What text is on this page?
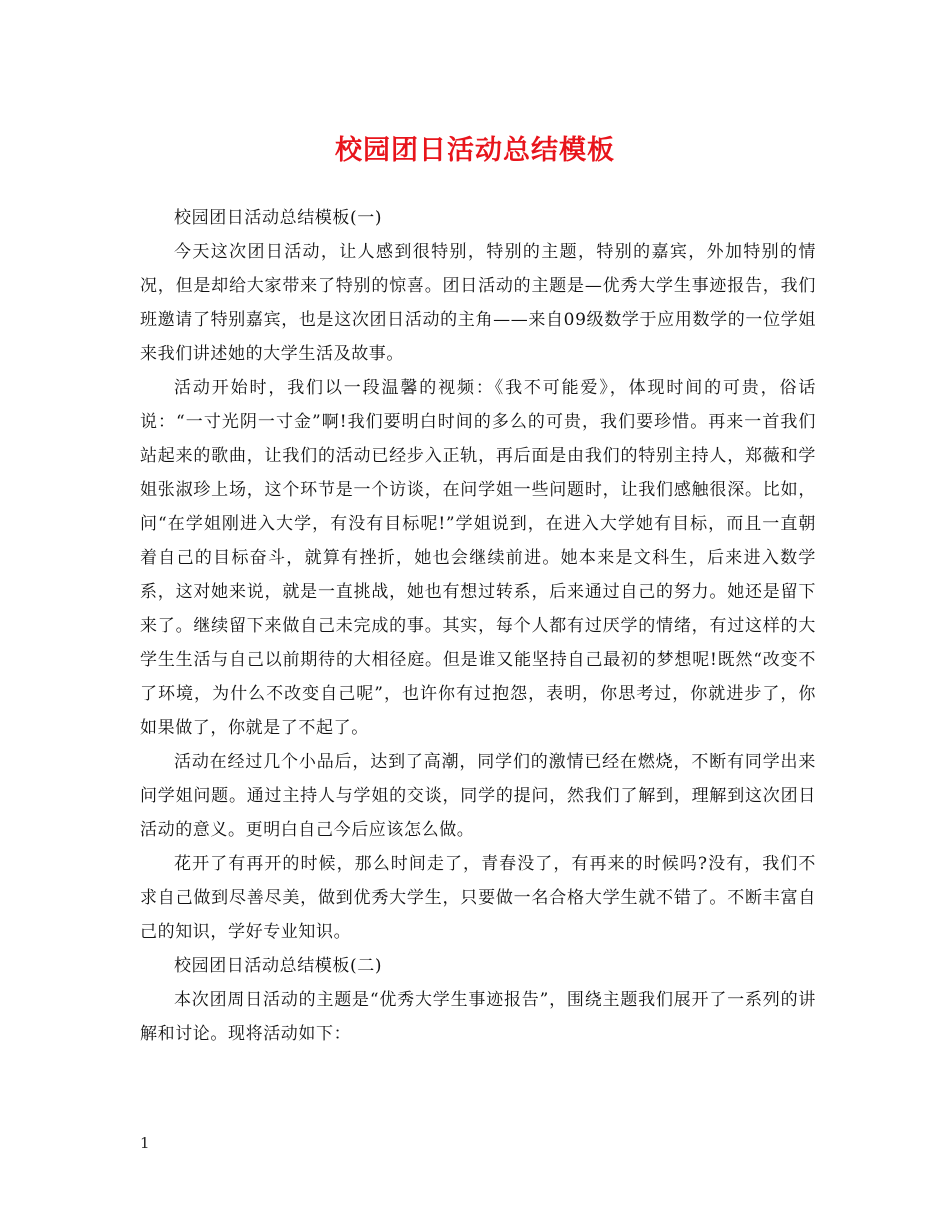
校园团日活动总结模板

校园团日活动总结模板(一)

今天这次团日活动，让人感到很特别，特别的主题，特别的嘉宾，外加特别的情况，但是却给大家带来了特别的惊喜。团日活动的主题是—优秀大学生事迹报告，我们班邀请了特别嘉宾，也是这次团日活动的主角——来自09级数学于应用数学的一位学姐来我们讲述她的大学生活及故事。

活动开始时，我们以一段温馨的视频：《我不可能爱》，体现时间的可贵，俗话说：“一寸光阴一寸金”啊!我们要明白时间的多么的可贵，我们要珍惜。再来一首我们站起来的歌曲，让我们的活动已经步入正轨，再后面是由我们的特别主持人，郑薇和学姐张淑珍上场，这个环节是一个访谈，在问学姐一些问题时，让我们感触很深。比如，问“在学姐刚进入大学，有没有目标呢!”学姐说到，在进入大学她有目标，而且一直朝着自己的目标奋斗，就算有挫折，她也会继续前进。她本来是文科生，后来进入数学系，这对她来说，就是一直挑战，她也有想过转系，后来通过自己的努力。她还是留下来了。继续留下来做自己未完成的事。其实，每个人都有过厌学的情绪，有过这样的大学生生活与自己以前期待的大相径庭。但是谁又能坚持自己最初的梦想呢!既然“改变不了环境，为什么不改变自己呢”，也许你有过抱怨，表明，你思考过，你就进步了，你如果做了，你就是了不起了。

活动在经过几个小品后，达到了高潮，同学们的激情已经在燃烧，不断有同学出来问学姐问题。通过主持人与学姐的交谈，同学的提问，然我们了解到，理解到这次团日活动的意义。更明白自己今后应该怎么做。

花开了有再开的时候，那么时间走了，青春没了，有再来的时候吗?没有，我们不求自己做到尽善尽美，做到优秀大学生，只要做一名合格大学生就不错了。不断丰富自己的知识，学好专业知识。

校园团日活动总结模板(二)

本次团周日活动的主题是“优秀大学生事迹报告”，围绕主题我们展开了一系列的讲解和讨论。现将活动如下：

1
